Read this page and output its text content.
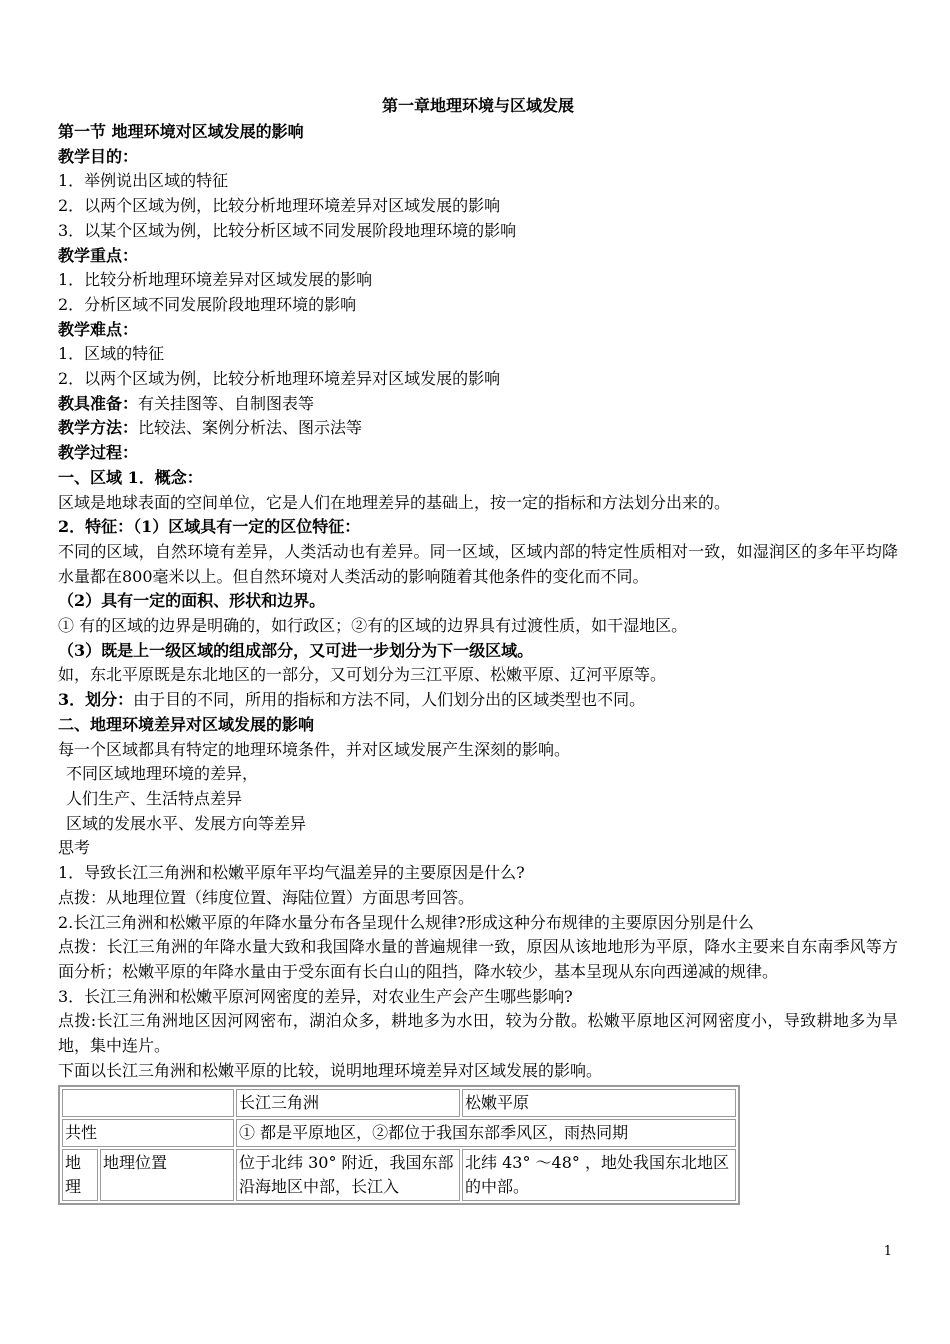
第一章地理环境与区域发展
第一节 地理环境对区域发展的影响
教学目的：
1．举例说出区域的特征
2．以两个区域为例，比较分析地理环境差异对区域发展的影响
3．以某个区域为例，比较分析区域不同发展阶段地理环境的影响
教学重点：
1．比较分析地理环境差异对区域发展的影响
2．分析区域不同发展阶段地理环境的影响
教学难点：
1．区域的特征
2．以两个区域为例，比较分析地理环境差异对区域发展的影响
教具准备：有关挂图等、自制图表等
教学方法：比较法、案例分析法、图示法等
教学过程：
一、区域 1．概念：
区域是地球表面的空间单位，它是人们在地理差异的基础上，按一定的指标和方法划分出来的。
2．特征：（1）区域具有一定的区位特征：
不同的区域，自然环境有差异，人类活动也有差异。同一区域，区域内部的特定性质相对一致，如湿润区的多年平均降水量都在800毫米以上。但自然环境对人类活动的影响随着其他条件的变化而不同。
（2）具有一定的面积、形状和边界。
① 有的区域的边界是明确的，如行政区；②有的区域的边界具有过渡性质，如干湿地区。
（3）既是上一级区域的组成部分，又可进一步划分为下一级区域。
如，东北平原既是东北地区的一部分，又可划分为三江平原、松嫩平原、辽河平原等。
3．划分：由于目的不同，所用的指标和方法不同，人们划分出的区域类型也不同。
二、地理环境差异对区域发展的影响
每一个区域都具有特定的地理环境条件，并对区域发展产生深刻的影响。
不同区域地理环境的差异，
人们生产、生活特点差异
区域的发展水平、发展方向等差异
思考
1．导致长江三角洲和松嫩平原年平均气温差异的主要原因是什么?
点拨：从地理位置（纬度位置、海陆位置）方面思考回答。
2.长江三角洲和松嫩平原的年降水量分布各呈现什么规律?形成这种分布规律的主要原因分别是什么
点拨：长江三角洲的年降水量大致和我国降水量的普遍规律一致，原因从该地地形为平原，降水主要来自东南季风等方面分析；松嫩平原的年降水量由于受东面有长白山的阻挡，降水较少，基本呈现从东向西递减的规律。
3．长江三角洲和松嫩平原河网密度的差异，对农业生产会产生哪些影响?
点拨:长江三角洲地区因河网密布，湖泊众多，耕地多为水田，较为分散。松嫩平原地区河网密度小，导致耕地多为旱地，集中连片。
下面以长江三角洲和松嫩平原的比较，说明地理环境差异对区域发展的影响。
		长江三角洲	松嫩平原
共性		① 都是平原地区，②都位于我国东部季风区，雨热同期	
地理	地理位置	位于北纬 30° 附近，我国东部沿海地区中部，长江入	北纬 43° ～48° ，地处我国东北地区的中部。
1
